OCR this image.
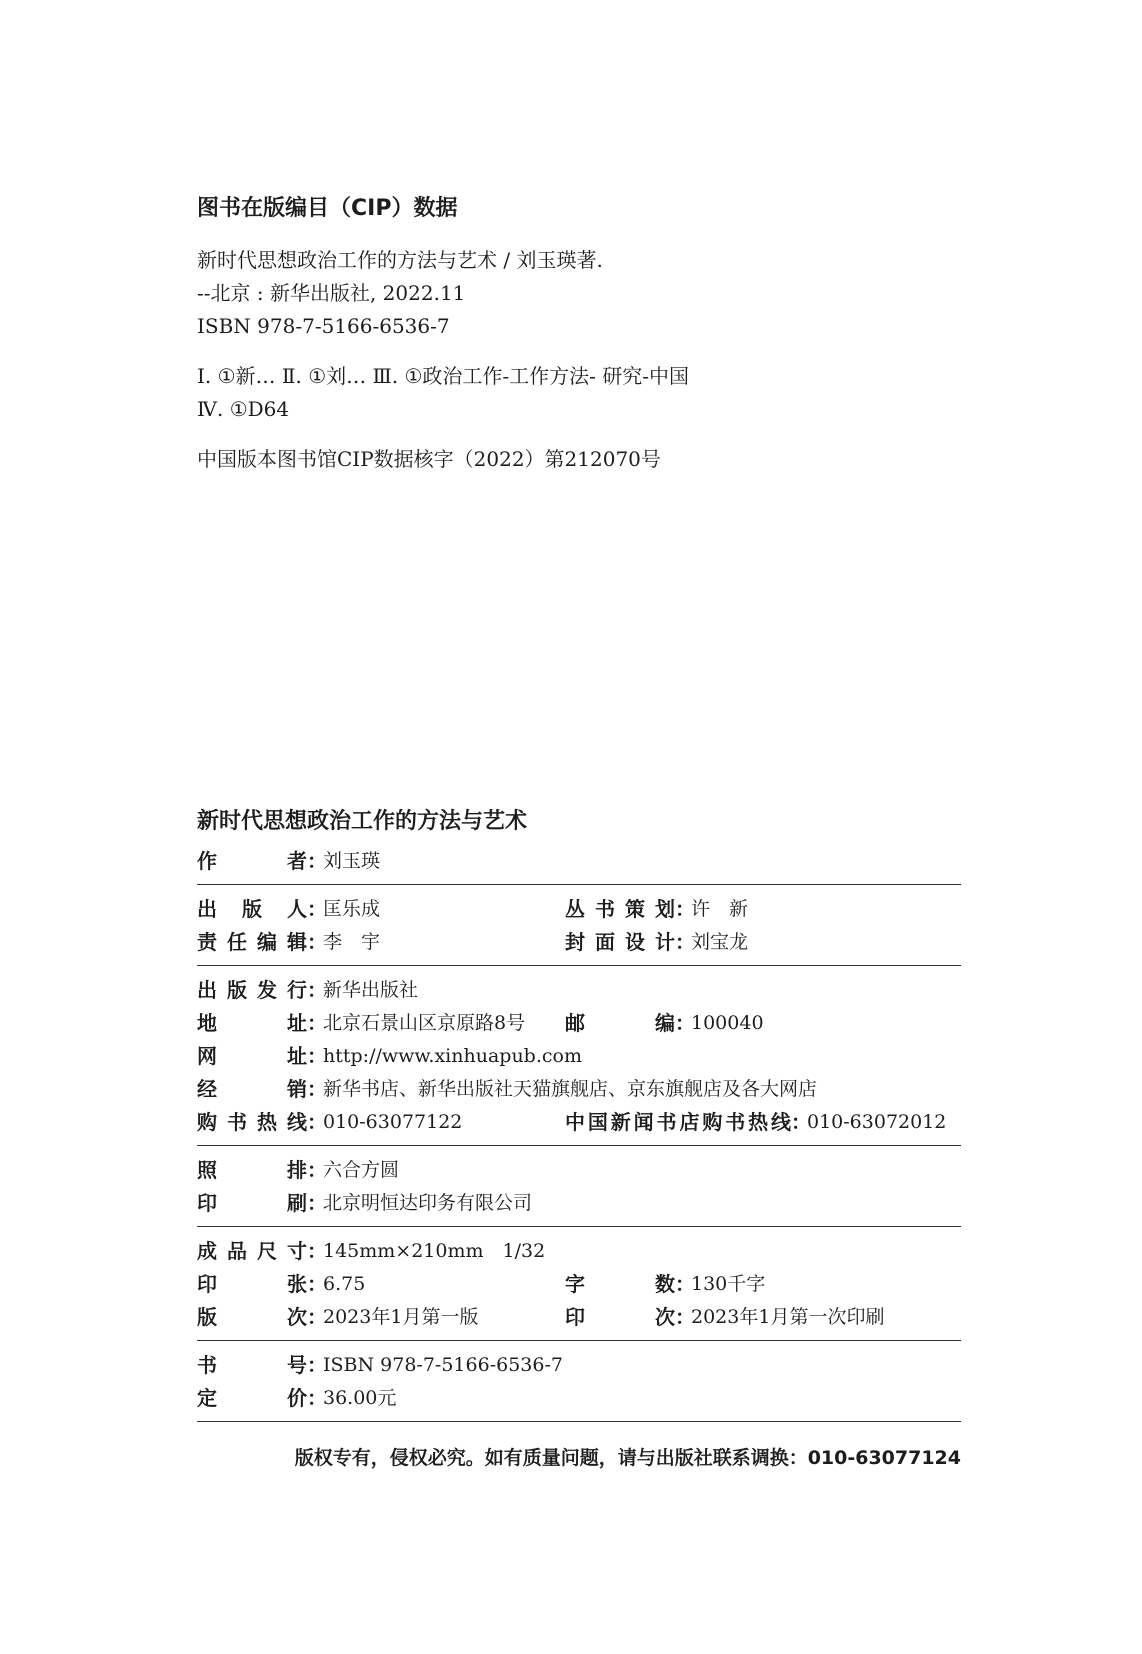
图书在版编目（CIP）数据
新时代思想政治工作的方法与艺术 / 刘玉瑛著.
--北京 : 新华出版社, 2022.11
ISBN 978-7-5166-6536-7
Ⅰ. ①新… Ⅱ. ①刘… Ⅲ. ①政治工作-工作方法- 研究-中国
Ⅳ. ①D64
中国版本图书馆CIP数据核字（2022）第212070号
新时代思想政治工作的方法与艺术
作者：刘玉瑛
出版人：匡乐成	丛书策划：许　新
责任编辑：李　宇	封面设计：刘宝龙
出版发行：新华出版社
地址：北京石景山区京原路8号 邮编：100040
网址：http://www.xinhuapub.com
经销：新华书店、新华出版社天猫旗舰店、京东旗舰店及各大网店
购书热线：010-63077122	中国新闻书店购书热线：010-63072012
照排：六合方圆
印刷：北京明恒达印务有限公司
成品尺寸：145mm×210mm　1/32
印张：6.75	字数：130千字
版次：2023年1月第一版	印次：2023年1月第一次印刷
书号：ISBN 978-7-5166-6536-7
定价：36.00元
版权专有，侵权必究。如有质量问题，请与出版社联系调换：010-63077124
